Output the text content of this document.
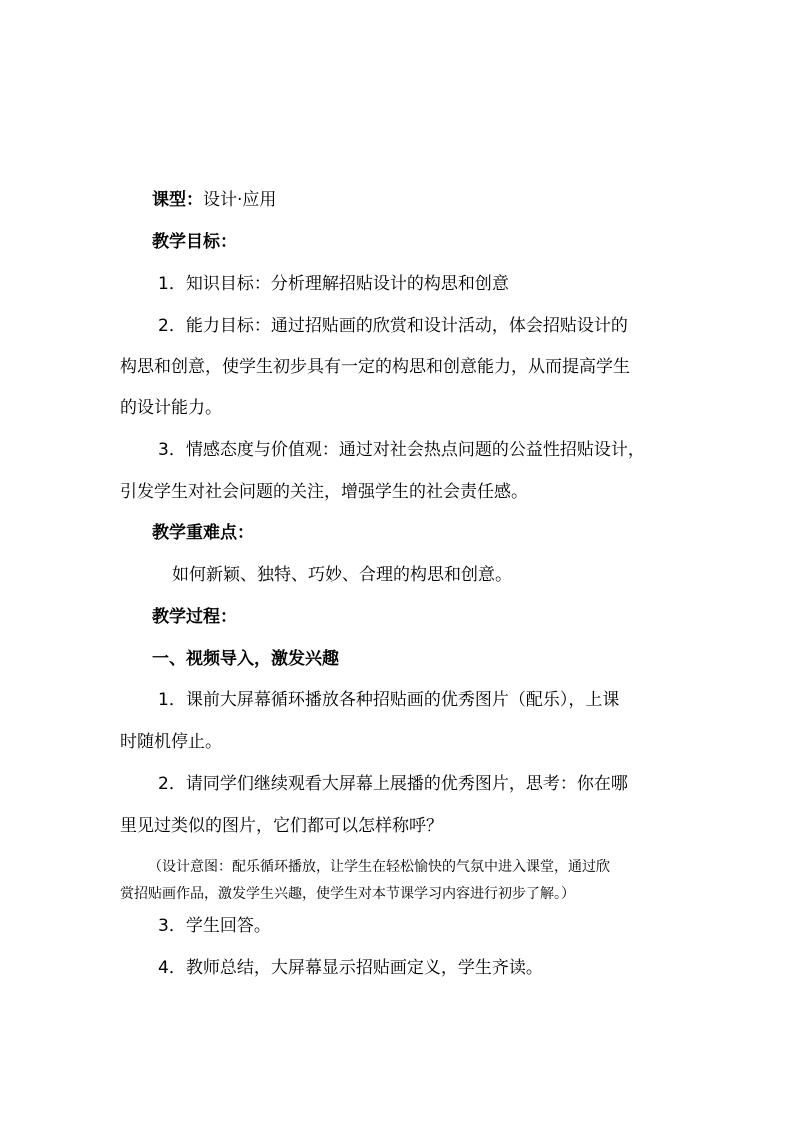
课型：设计·应用
教学目标：
1．知识目标：分析理解招贴设计的构思和创意
2．能力目标：通过招贴画的欣赏和设计活动，体会招贴设计的
构思和创意，使学生初步具有一定的构思和创意能力，从而提高学生
的设计能力。
3．情感态度与价值观：通过对社会热点问题的公益性招贴设计，
引发学生对社会问题的关注，增强学生的社会责任感。
教学重难点：
如何新颖、独特、巧妙、合理的构思和创意。
教学过程：
一、视频导入，激发兴趣
1．课前大屏幕循环播放各种招贴画的优秀图片（配乐），上课
时随机停止。
2．请同学们继续观看大屏幕上展播的优秀图片，思考：你在哪
里见过类似的图片，它们都可以怎样称呼？
（设计意图：配乐循环播放，让学生在轻松愉快的气氛中进入课堂，通过欣
赏招贴画作品，激发学生兴趣，使学生对本节课学习内容进行初步了解。）
3．学生回答。
4．教师总结，大屏幕显示招贴画定义，学生齐读。
